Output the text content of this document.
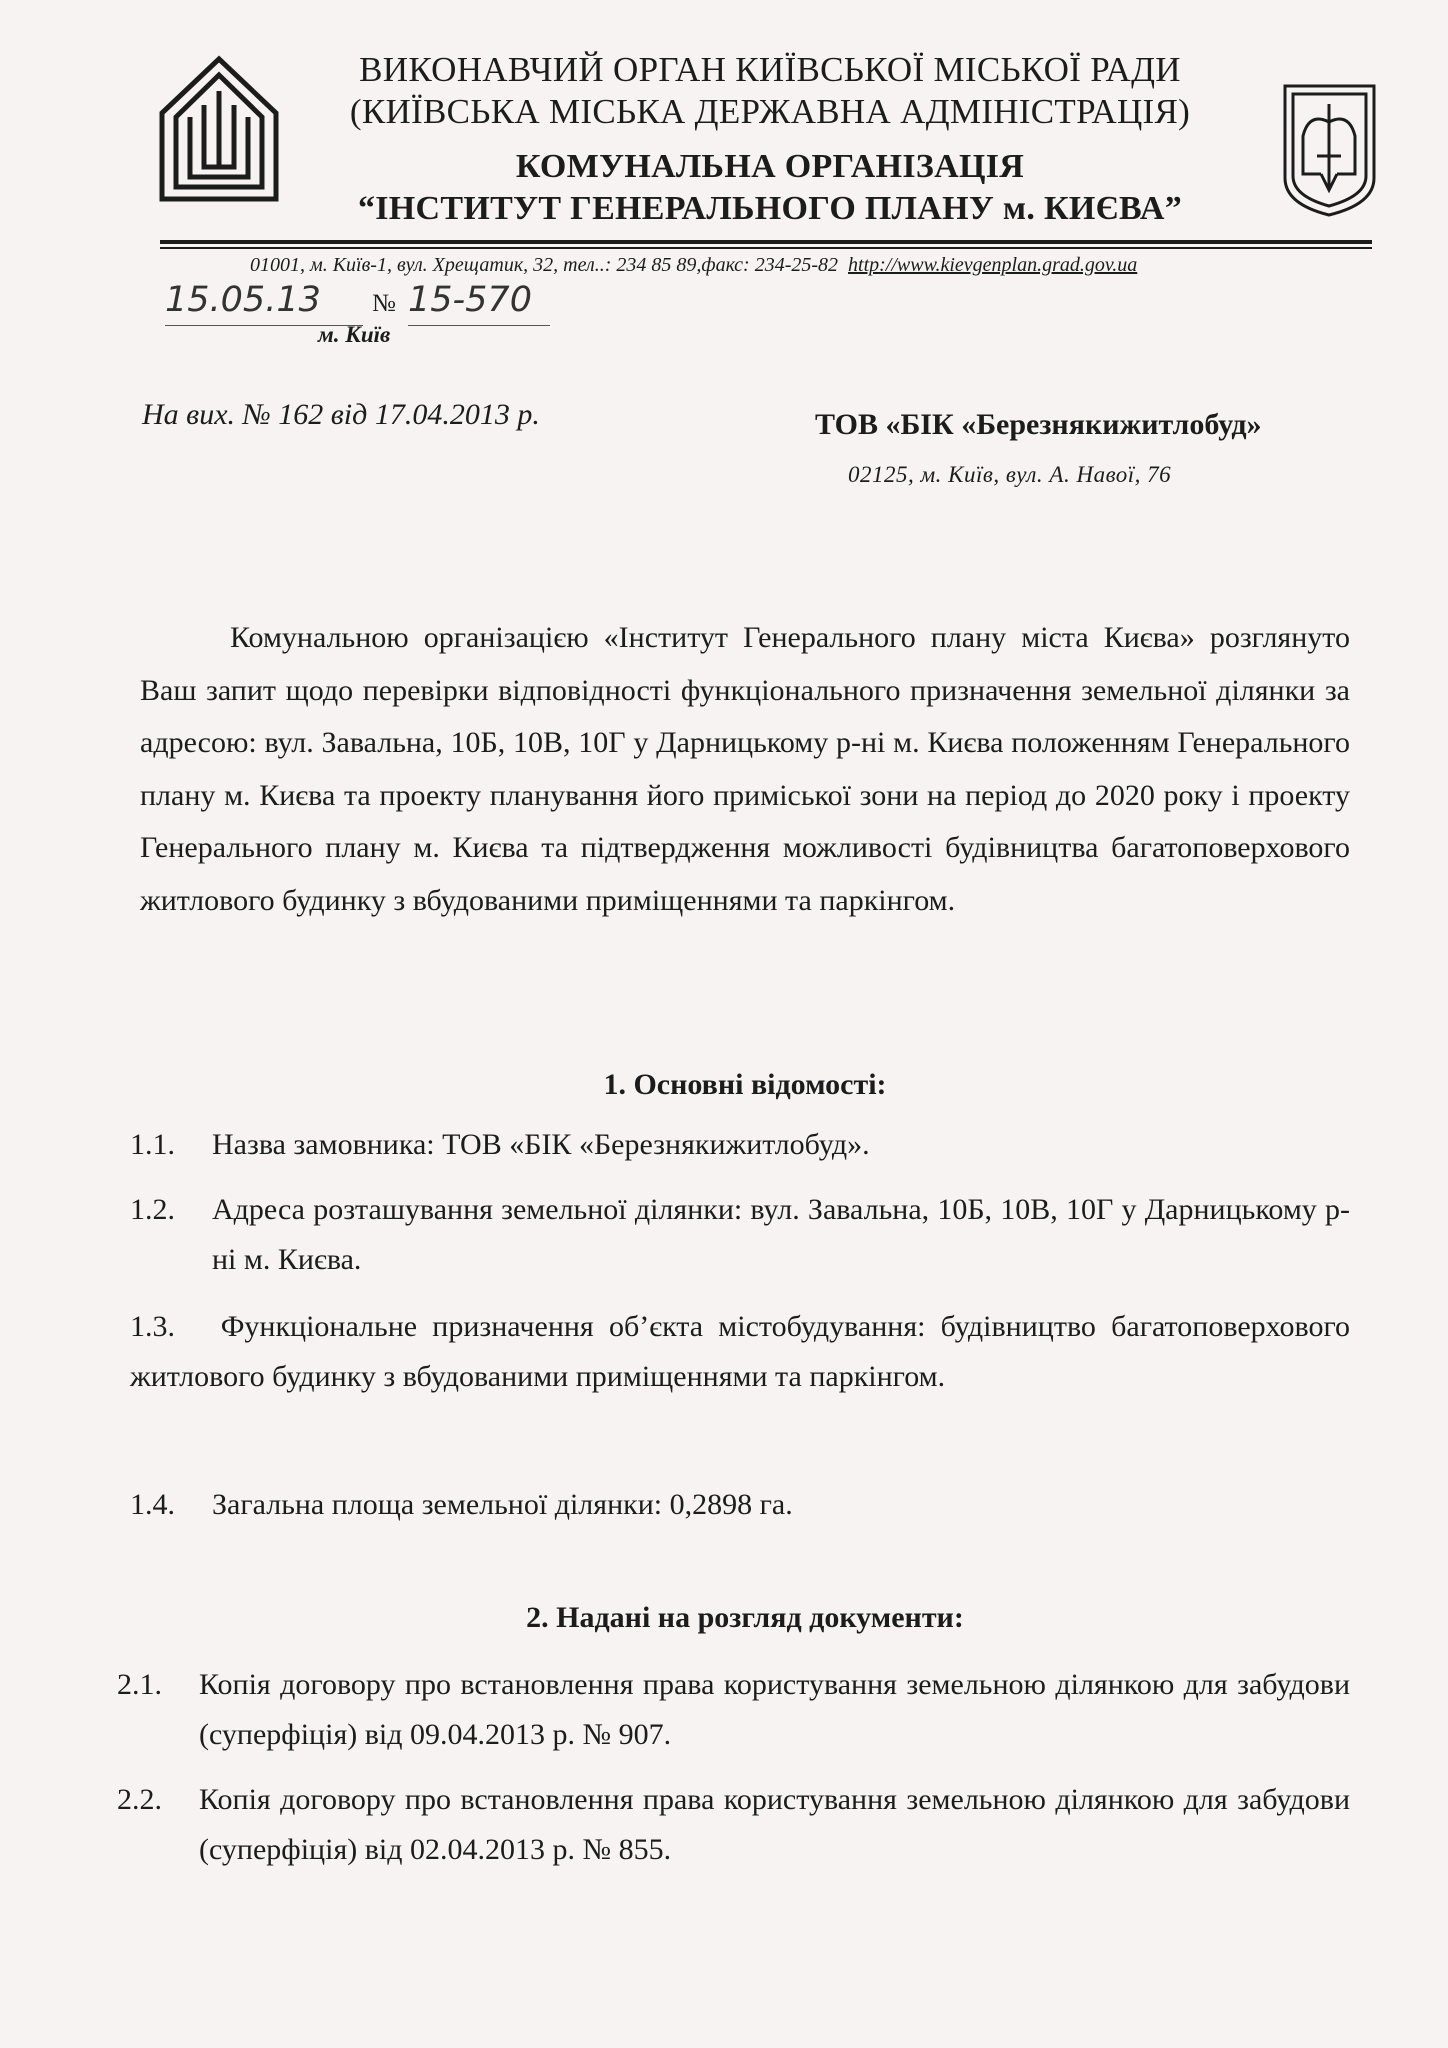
ВИКОНАВЧИЙ ОРГАН КИЇВСЬКОЇ МІСЬКОЇ РАДИ
(КИЇВСЬКА МІСЬКА ДЕРЖАВНА АДМІНІСТРАЦІЯ)
КОМУНАЛЬНА ОРГАНІЗАЦІЯ
“ІНСТИТУТ ГЕНЕРАЛЬНОГО ПЛАНУ м. КИЄВА”
01001, м. Київ-1, вул. Хрещатик, 32, тел..: 234 85 89,факс: 234-25-82 http://www.kievgenplan.grad.gov.ua
15.05.13	№ 15-570
м. Київ
На вих. № 162 від 17.04.2013 р.	ТОВ «БІК «Березнякижитлобуд»
02125, м. Київ, вул. А. Навої, 76
Комунальною організацією «Інститут Генерального плану міста Києва» розглянуто Ваш запит щодо перевірки відповідності функціонального призначення земельної ділянки за адресою: вул. Завальна, 10Б, 10В, 10Г у Дарницькому р-ні м. Києва положенням Генерального плану м. Києва та проекту планування його приміської зони на період до 2020 року і проекту Генерального плану м. Києва та підтвердження можливості будівництва багатоповерхового житлового будинку з вбудованими приміщеннями та паркінгом.
1. Основні відомості:
1.1.	Назва замовника: ТОВ «БІК «Березнякижитлобуд».
1.2.	Адреса розташування земельної ділянки: вул. Завальна, 10Б, 10В, 10Г у Дарницькому р-ні м. Києва.
1.3. Функціональне призначення об’єкта містобудування: будівництво багатоповерхового житлового будинку з вбудованими приміщеннями та паркінгом.
1.4.	Загальна площа земельної ділянки: 0,2898 га.
2. Надані на розгляд документи:
2.1.	Копія договору про встановлення права користування земельною ділянкою для забудови (суперфіція) від 09.04.2013 р. № 907.
2.2.	Копія договору про встановлення права користування земельною ділянкою для забудови (суперфіція) від 02.04.2013 р. № 855.
